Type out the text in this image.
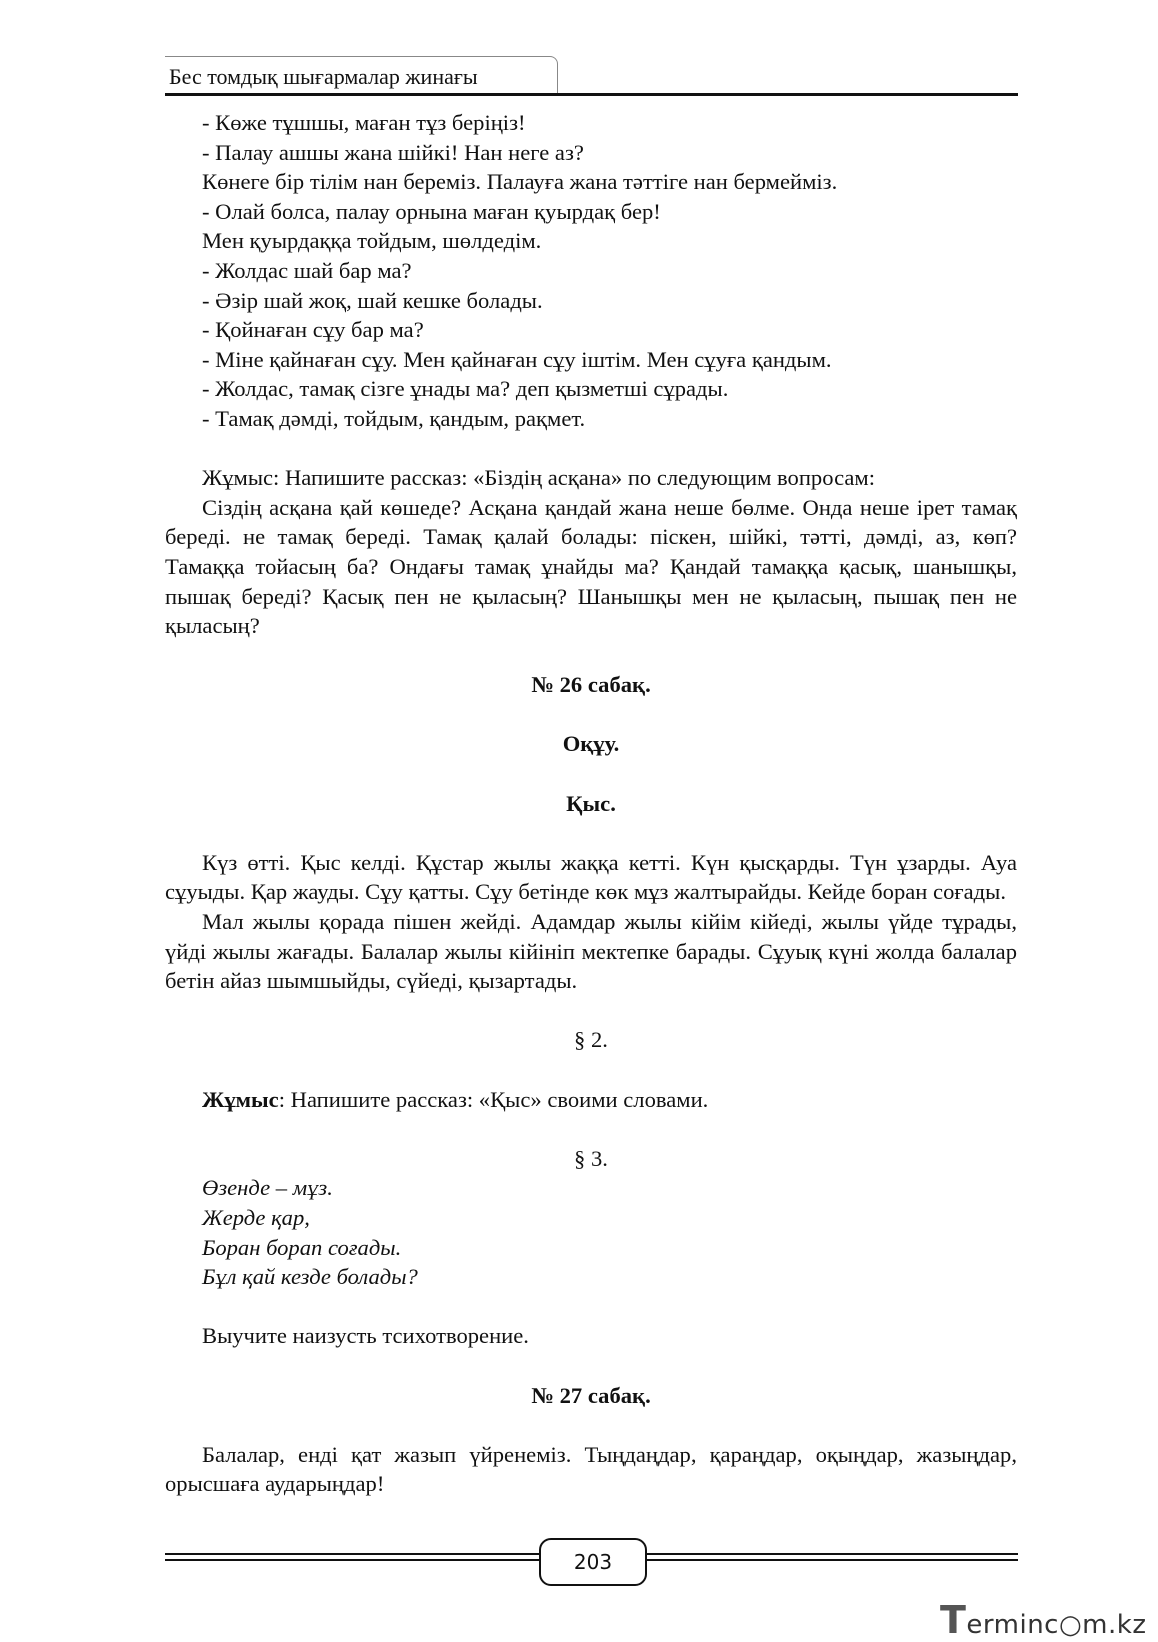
Бес томдық шығармалар жинағы

- Көже тұшшы, маған тұз беріңіз!

- Палау ашшы жана шійкі! Нан неге аз?

Көнеге бір тілім нан береміз. Палауға жана тәттіге нан бермейміз.

- Олай болса, палау орнына маған қуырдақ бер!

Мен қуырдаққа тойдым, шөлдедім.

- Жолдас шай бар ма?

- Әзір шай жоқ, шай кешке болады.

- Қойнаған сұу бар ма?

- Міне қайнаған сұу. Мен қайнаған сұу іштім. Мен сұуға қандым.

- Жолдас, тамақ сізге ұнады ма? деп қызметші сұрады.

- Тамақ дәмді, тойдым, қандым, рақмет.

Жұмыс: Напишите рассказ: «Біздің асқана» по следующим вопросам:

Сіздің асқана қай көшеде? Асқана қандай жана неше бөлме. Онда неше ірет тамақ береді. не тамақ береді. Тамақ қалай болады: піскен, шійкі, тәтті, дәмді, аз, көп? Тамаққа тойасың ба? Ондағы тамақ ұнайды ма? Қандай тамаққа қасық, шанышқы, пышақ береді? Қасық пен не қыласың? Шанышқы мен не қыласың, пышақ пен не қыласың?

№ 26 сабақ.

Оқұу.

Қыс.

Күз өтті. Қыс келді. Құстар жылы жаққа кетті. Күн қысқарды. Түн ұзарды. Ауа сұуыды. Қар жауды. Сұу қатты. Сұу бетінде көк мұз жалтырайды. Кейде боран соғады.

Мал жылы қорада пішен жейді. Адамдар жылы кійім кійеді, жылы үйде тұрады, үйді жылы жағады. Балалар жылы кійініп мектепке барады. Сұуық күні жолда балалар бетін айаз шымшыйды, сүйеді, қызартады.

§ 2.

Жұмыс: Напишите рассказ: «Қыс» своими словами.

§ 3.

Өзенде – мұз.

Жерде қар,

Боран борап соғады.

Бұл қай кезде болады?

Выучите наизусть тсихотворение.

№ 27 сабақ.

Балалар, енді қат жазып үйренеміз. Тыңдаңдар, қараңдар, оқыңдар, жазыңдар, орысшаға аударыңдар!

203
Terminc○m.kz
